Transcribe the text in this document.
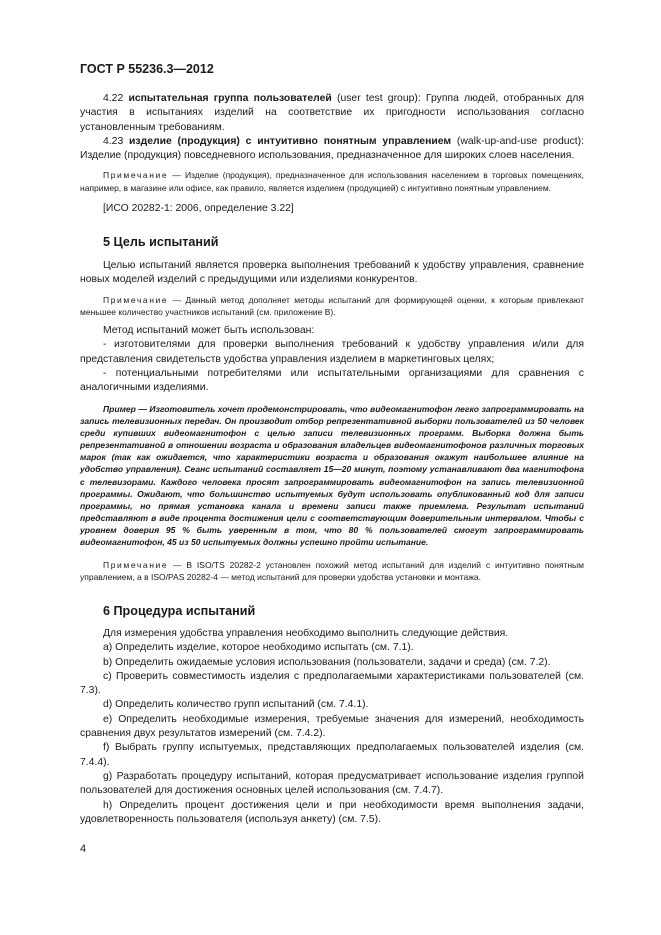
ГОСТ Р 55236.3—2012

4.22 испытательная группа пользователей (user test group): Группа людей, отобранных для участия в испытаниях изделий на соответствие их пригодности использования согласно установленным требованиям.

4.23 изделие (продукция) с интуитивно понятным управлением (walk-up-and-use product): Изделие (продукция) повседневного использования, предназначенное для широких слоев населения.

Примечание — Изделие (продукция), предназначенное для использования населением в торговых помещениях, например, в магазине или офисе, как правило, является изделием (продукцией) с интуитивно понятным управлением.

[ИСО 20282-1: 2006, определение 3.22]

5 Цель испытаний

Целью испытаний является проверка выполнения требований к удобству управления, сравнение новых моделей изделий с предыдущими или изделиями конкурентов.

Примечание — Данный метод дополняет методы испытаний для формирующей оценки, к которым привлекают меньшее количество участников испытаний (см. приложение В).

Метод испытаний может быть использован:

- изготовителями для проверки выполнения требований к удобству управления и/или для представления свидетельств удобства управления изделием в маркетинговых целях;

- потенциальными потребителями или испытательными организациями для сравнения с аналогичными изделиями.

Пример — Изготовитель хочет продемонстрировать, что видеомагнитофон легко запрограммировать на запись телевизионных передач. Он производит отбор репрезентативной выборки пользователей из 50 человек среди купивших видеомагнитофон с целью записи телевизионных программ. Выборка должна быть репрезентативной в отношении возраста и образования владельцев видеомагнитофонов различных торговых марок (так как ожидается, что характеристики возраста и образования окажут наибольшее влияние на удобство управления). Сеанс испытаний составляет 15—20 минут, поэтому устанавливают два магнитофона с телевизорами. Каждого человека просят запрограммировать видеомагнитофон на запись телевизионной программы. Ожидают, что большинство испытуемых будут использовать опубликованный код для записи программы, но прямая установка канала и времени записи также приемлема. Результат испытаний представляют в виде процента достижения цели с соответствующим доверительным интервалом. Чтобы с уровнем доверия 95 % быть уверенным в том, что 80 % пользователей смогут запрограммировать видеомагнитофон, 45 из 50 испытуемых должны успешно пройти испытание.

Примечание — В ISO/TS 20282-2 установлен похожий метод испытаний для изделий с интуитивно понятным управлением, а в ISO/PAS 20282-4 — метод испытаний для проверки удобства установки и монтажа.

6 Процедура испытаний

Для измерения удобства управления необходимо выполнить следующие действия.

a) Определить изделие, которое необходимо испытать (см. 7.1).

b) Определить ожидаемые условия использования (пользователи, задачи и среда) (см. 7.2).

c) Проверить совместимость изделия с предполагаемыми характеристиками пользователей (см. 7.3).

d) Определить количество групп испытаний (см. 7.4.1).

e) Определить необходимые измерения, требуемые значения для измерений, необходимость сравнения двух результатов измерений (см. 7.4.2).

f) Выбрать группу испытуемых, представляющих предполагаемых пользователей изделия (см. 7.4.4).

g) Разработать процедуру испытаний, которая предусматривает использование изделия группой пользователей для достижения основных целей использования (см. 7.4.7).

h) Определить процент достижения цели и при необходимости время выполнения задачи, удовлетворенность пользователя (используя анкету) (см. 7.5).

4
